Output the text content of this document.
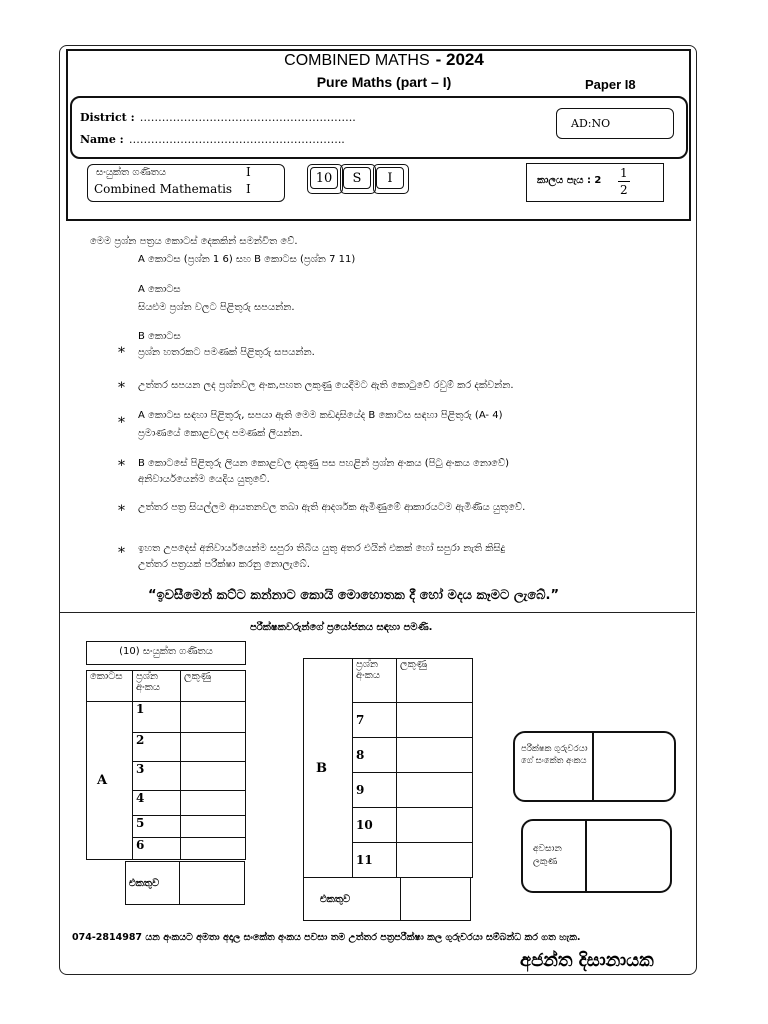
COMBINED MATHS - 2024
Pure Maths (part – I)	Paper I8
District : …………………………………………………..
Name : …………………………………………………..
AD:NO
සංයුක්ත ගණිතය	I
Combined Mathematis I
10	S	I	කාලය පැය : 2
1
2
මෙම ප්‍රශ්න පත්‍රය කොටස් දෙකකින් සමන්විත වේ.
A කොටස (ප්‍රශ්න 1 6) සහ B කොටස (ප්‍රශ්න 7 11)
A කොටස
සියළුම ප්‍රශ්න වලට පිළිතුරු සපයන්න.
B කොටස
* ප්‍රශ්න හතරකට පමණක් පිළිතුරු සපයන්න.
* උත්තර සපයන ලද ප්‍රශ්නවල අංක,පහත ලකුණු යෙදීමට ඇති කොටුවේ රවුම් කර දක්වන්න.
* A කොටස සඳහා පිළිතුරු, සපයා ඇති මෙම කඩදාසියේද B කොටස සඳහා පිළිතුරු (A- 4)
ප්‍රමාණයේ කොළවලද පමණක් ලියන්න.
* B කොටසේ පිළිතුරු ලියන කොළවල දකුණු පස පහළින් ප්‍රශ්න අංකය (පිටු අංකය නොවේ)
අනිවාර්යයෙන්ම යෙදිය යුතුවේ.
* උත්තර පත්‍ර සියල්ලම ආයතනවල තබා ඇති ආදර්ශක ඇමිණුමේ ආකාරයටම ඇමිණිය යුතුවේ.
* ඉහත උපදෙස් අනිවාර්යයෙන්ම සපුරා තිබිය යුතු අතර එයින් එකක් හෝ සපුරා නැති කිසිදු
උත්තර පත්‍රයක් පරීක්ෂා කරනු නොලැබේ.
“ඉවසීමෙන් කට්ට කන්නාට කොයි මොහොතක දී හෝ මදය කෑමට ලැබේ.”
පරීක්ෂකවරුන්ගේ ප්‍රයෝජනය සඳහා පමණි.
(10) සංයුක්ත ගණිතය
කොටස	ප්‍රශ්න අංකය	ලකුණු
A	1	
	2	
	3	
	4	
	5	
	6	
එකතුව	
B	ප්‍රශ්න අංකය	ලකුණු
	7	
	8	
	9	
	10	
	11	
එකතුව	
පරීක්ෂක ගුරුවරයා ගේ සංකේත අංකය
අවසාන ලකුණ
074-2814987 යන අංකයට අමතා අදාල සංකේත අංකය පවසා තම උත්තර පත්‍රපරීක්ෂා කල ගුරුවරයා සම්බන්ධ කර ගත හැක.
අජන්ත දිසානායක
